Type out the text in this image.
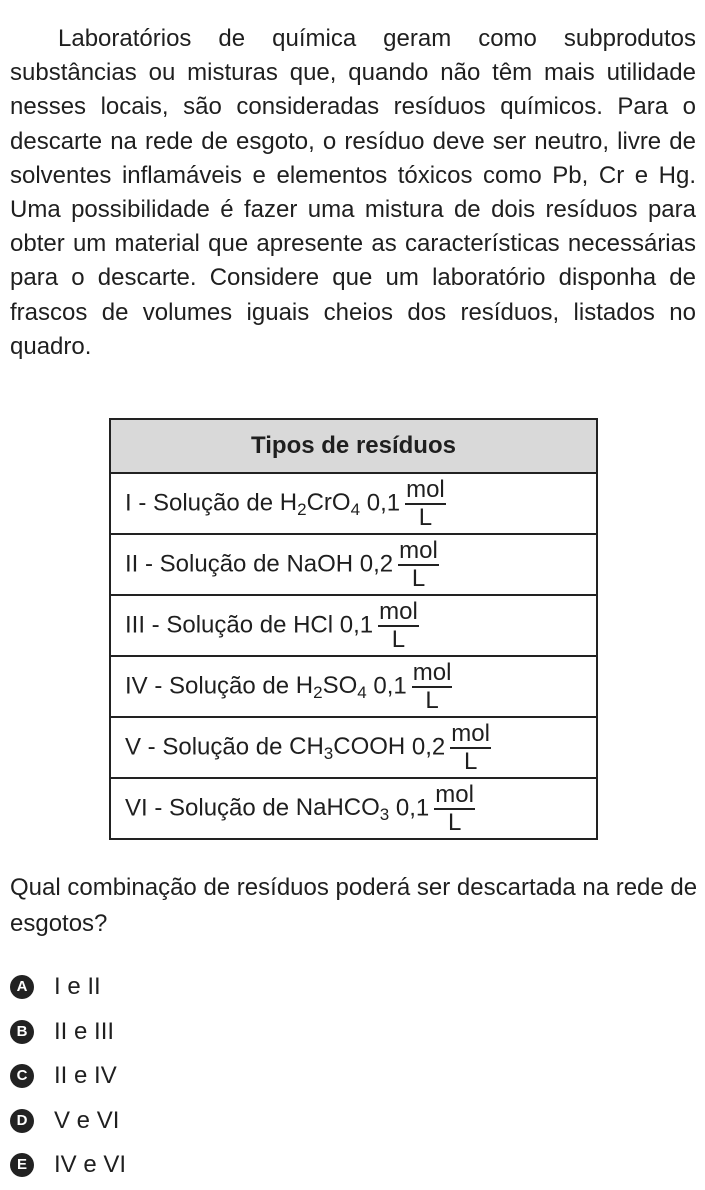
Laboratórios de química geram como subprodutos substâncias ou misturas que, quando não têm mais utilidade nesses locais, são consideradas resíduos químicos. Para o descarte na rede de esgoto, o resíduo deve ser neutro, livre de solventes inflamáveis e elementos tóxicos como Pb, Cr e Hg. Uma possibilidade é fazer uma mistura de dois resíduos para obter um material que apresente as características necessárias para o descarte. Considere que um laboratório disponha de frascos de volumes iguais cheios dos resíduos, listados no quadro.

Tipos de resíduos
I - Solução de $H_2CrO_4$ $0,1 \frac{\text{mol}}{L}$

II - Solução de NaOH $0,2 \frac{\text{mol}}{L}$

III - Solução de HCl $0,1 \frac{\text{mol}}{L}$

IV - Solução de $H_2SO_4$ $0,1 \frac{\text{mol}}{L}$

V - Solução de $CH_3COOH$ $0,2 \frac{\text{mol}}{L}$

VI - Solução de NaHCO$_3$ $0,1 \frac{\text{mol}}{L}$

Qual combinação de resíduos poderá ser descartada na rede de esgotos?

A I e II
B II e III
C II e IV
D V e VI
E IV e VI
